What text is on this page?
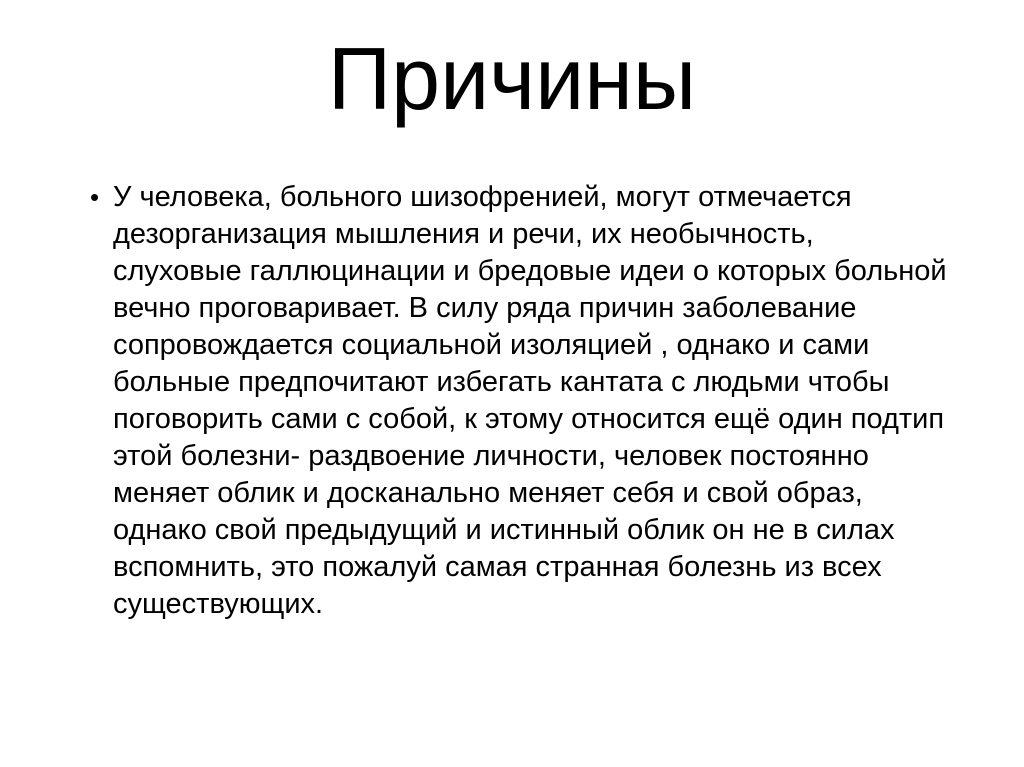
Причины
• У человека, больного шизофренией, могут отмечается дезорганизация мышления и речи, их необычность, слуховые галлюцинации и бредовые идеи о которых больной вечно проговаривает. В силу ряда причин заболевание сопровождается социальной изоляцией , однако и сами больные предпочитают избегать кантата с людьми чтобы поговорить сами с собой, к этому относится ещё один подтип этой болезни- раздвоение личности, человек постоянно меняет облик и досканально меняет себя и свой образ, однако свой предыдущий и истинный облик он не в силах вспомнить, это пожалуй самая странная болезнь из всех существующих.
